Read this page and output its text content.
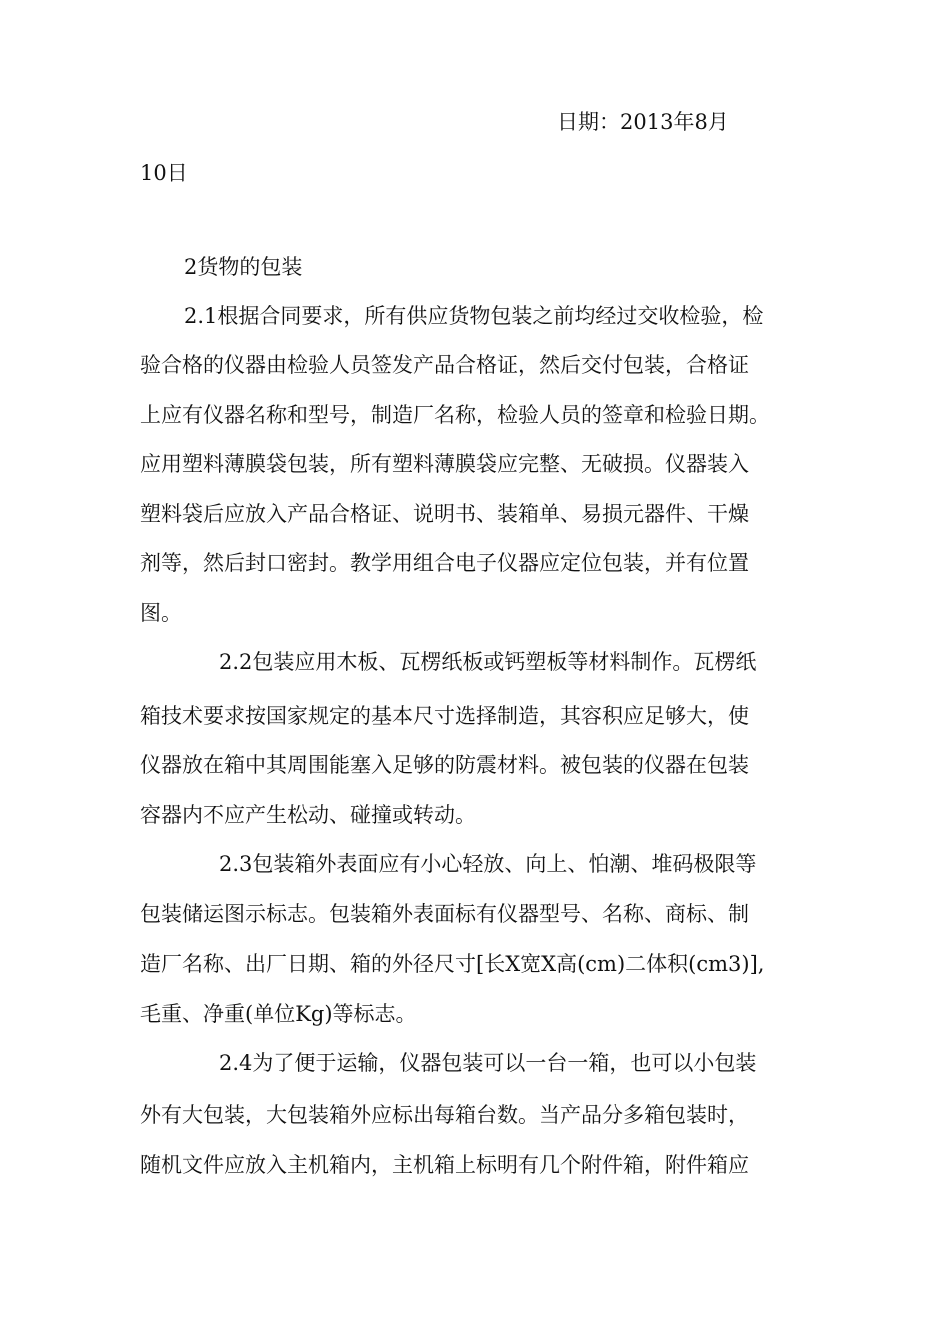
日期：2013年8月
10日
2货物的包装
2.1根据合同要求，所有供应货物包装之前均经过交收检验，检
验合格的仪器由检验人员签发产品合格证，然后交付包装，合格证
上应有仪器名称和型号，制造厂名称，检验人员的签章和检验日期。
应用塑料薄膜袋包装，所有塑料薄膜袋应完整、无破损。仪器装入
塑料袋后应放入产品合格证、说明书、装箱单、易损元器件、干燥
剂等，然后封口密封。教学用组合电子仪器应定位包装，并有位置
图。
2.2包装应用木板、瓦楞纸板或钙塑板等材料制作。瓦楞纸
箱技术要求按国家规定的基本尺寸选择制造，其容积应足够大，使
仪器放在箱中其周围能塞入足够的防震材料。被包装的仪器在包装
容器内不应产生松动、碰撞或转动。
2.3包装箱外表面应有小心轻放、向上、怕潮、堆码极限等
包装储运图示标志。包装箱外表面标有仪器型号、名称、商标、制
造厂名称、出厂日期、箱的外径尺寸[长X宽X高(cm)二体积(cm3)],
毛重、净重(单位Kg)等标志。
2.4为了便于运输，仪器包装可以一台一箱，也可以小包装
外有大包装，大包装箱外应标出每箱台数。当产品分多箱包装时，
随机文件应放入主机箱内，主机箱上标明有几个附件箱，附件箱应
